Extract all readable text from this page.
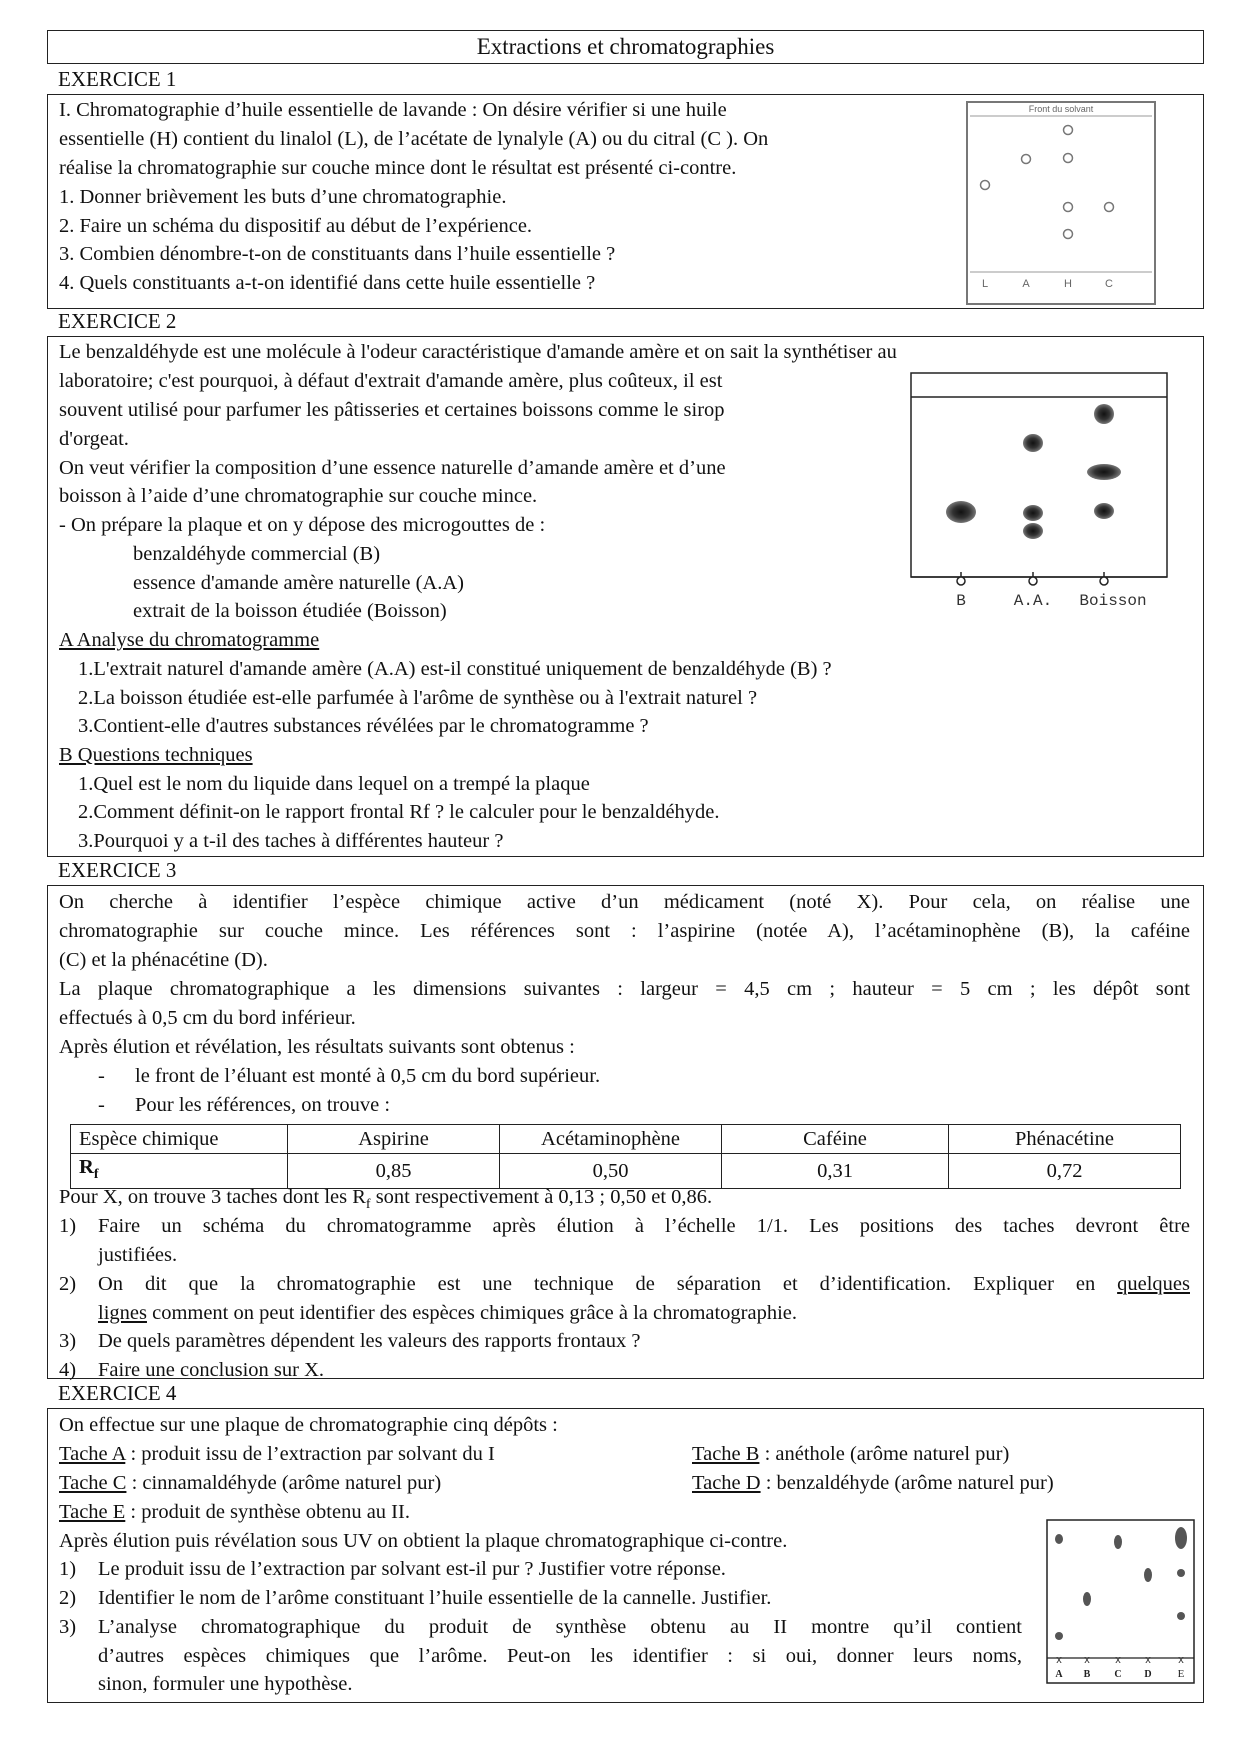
Extractions et chromatographies
EXERCICE 1
I. Chromatographie d’huile essentielle de lavande : On désire vérifier si une huile
essentielle (H) contient du linalol (L), de l’acétate de lynalyle (A) ou du citral (C ). On
réalise la chromatographie sur couche mince dont le résultat est présenté ci-contre.
1. Donner brièvement les buts d’une chromatographie.
2. Faire un schéma du dispositif au début de l’expérience.
3. Combien dénombre-t-on de constituants dans l’huile essentielle ?
4. Quels constituants a-t-on identifié dans cette huile essentielle ?
Front du solvant
L	A	H	C
EXERCICE 2
Le benzaldéhyde est une molécule à l'odeur caractéristique d'amande amère et on sait la synthétiser au
laboratoire; c'est pourquoi, à défaut d'extrait d'amande amère, plus coûteux, il est
souvent utilisé pour parfumer les pâtisseries et certaines boissons comme le sirop
d'orgeat.
On veut vérifier la composition d’une essence naturelle d’amande amère et d’une
boisson à l’aide d’une chromatographie sur couche mince.
- On prépare la plaque et on y dépose des microgouttes de :
benzaldéhyde commercial (B)
essence d'amande amère naturelle (A.A)
extrait de la boisson étudiée (Boisson)
A Analyse du chromatogramme
1.L'extrait naturel d'amande amère (A.A) est-il constitué uniquement de benzaldéhyde (B) ?
2.La boisson étudiée est-elle parfumée à l'arôme de synthèse ou à l'extrait naturel ?
3.Contient-elle d'autres substances révélées par le chromatogramme ?
B Questions techniques
1.Quel est le nom du liquide dans lequel on a trempé la plaque
2.Comment définit-on le rapport frontal Rf ? le calculer pour le benzaldéhyde.
3.Pourquoi y a t-il des taches à différentes hauteur ?
B	A.A. Boisson
EXERCICE 3
On cherche à identifier l’espèce chimique active d’un médicament (noté X). Pour cela, on réalise une
chromatographie sur couche mince. Les références sont : l’aspirine (notée A), l’acétaminophène (B), la caféine
(C) et la phénacétine (D).
La plaque chromatographique a les dimensions suivantes : largeur = 4,5 cm ; hauteur = 5 cm ; les dépôt sont
effectués à 0,5 cm du bord inférieur.
Après élution et révélation, les résultats suivants sont obtenus :
- le front de l’éluant est monté à 0,5 cm du bord supérieur.
- Pour les références, on trouve :
Espèce chimique	Aspirine	Acétaminophène	Caféine	Phénacétine
$R_f$	0,85	0,50	0,31	0,72
Pour X, on trouve 3 taches dont les $R_f$ sont respectivement à 0,13 ; 0,50 et 0,86.
1) Faire un schéma du chromatogramme après élution à l’échelle 1/1. Les positions des taches devront être
justifiées.
2) On dit que la chromatographie est une technique de séparation et d’identification. Expliquer en quelques
lignes comment on peut identifier des espèces chimiques grâce à la chromatographie.
3) De quels paramètres dépendent les valeurs des rapports frontaux ?
4) Faire une conclusion sur X.
EXERCICE 4
On effectue sur une plaque de chromatographie cinq dépôts :
Tache A : produit issu de l’extraction par solvant du I	Tache B : anéthole (arôme naturel pur)
Tache C : cinnamaldéhyde (arôme naturel pur)	Tache D : benzaldéhyde (arôme naturel pur)
Tache E : produit de synthèse obtenu au II.
Après élution puis révélation sous UV on obtient la plaque chromatographique ci-contre.
1) Le produit issu de l’extraction par solvant est-il pur ? Justifier votre réponse.
2) Identifier le nom de l’arôme constituant l’huile essentielle de la cannelle. Justifier.
3) L’analyse chromatographique du produit de synthèse obtenu au II montre qu’il contient
d’autres espèces chimiques que l’arôme. Peut-on les identifier : si oui, donner leurs noms,
sinon, formuler une hypothèse.
x x x x	x
A B C D E
